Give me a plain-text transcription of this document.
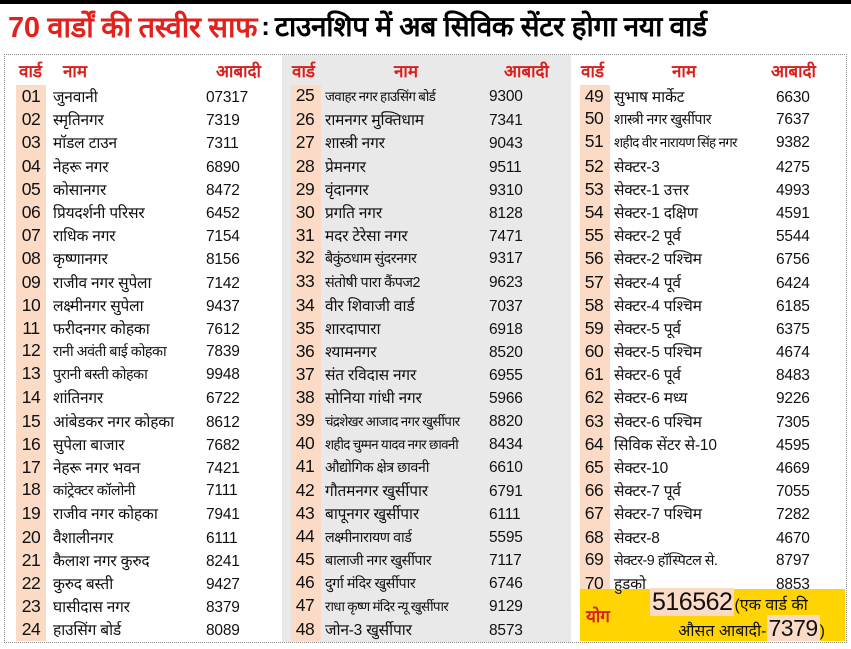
70 वार्डों की तस्वीर साफ : टाउनशिप में अब सिविक सेंटर होगा नया वार्ड
वार्ड	नाम	आबादी
01 जुनवानी	07317
02 स्मृतिनगर	7319
03 मॉडल टाउन	7311
04 नेहरू नगर	6890
05 कोसानगर	8472
06 प्रियदर्शनी परिसर	6452
07 राधिक नगर	7154
08 कृष्णानगर	8156
09 राजीव नगर सुपेला	7142
10 लक्ष्मीनगर सुपेला	9437
11 फरीदनगर कोहका	7612
12 रानी अवंती बाई कोहका	7839
13 पुरानी बस्ती कोहका	9948
14 शांतिनगर	6722
15 आंबेडकर नगर कोहका	8612
16 सुपेला बाजार	7682
17 नेहरू नगर भवन	7421
18 कांट्रेक्टर कॉलोनी	7111
19 राजीव नगर कोहका	7941
20 वैशालीनगर	6111
21 कैलाश नगर कुरुद	8241
22 कुरुद बस्ती	9427
23 घासीदास नगर	8379
24 हाउसिंग बोर्ड	8089
वार्ड	नाम	आबादी
25 जवाहर नगर हाउसिंग बोर्ड	9300
26 रामनगर मुक्तिधाम	7341
27 शास्त्री नगर	9043
28 प्रेमनगर	9511
29 वृंदानगर	9310
30 प्रगति नगर	8128
31 मदर टेरेसा नगर	7471
32 बैकुंठधाम सुंदरनगर	9317
33 संतोषी पारा कैंपज2	9623
34 वीर शिवाजी वार्ड	7037
35 शारदापारा	6918
36 श्यामनगर	8520
37 संत रविदास नगर	6955
38 सोनिया गांधी नगर	5966
39 चंद्रशेखर आजाद नगर खुर्सीपार	8820
40 शहीद चुम्मन यादव नगर छावनी	8434
41 औद्योगिक क्षेत्र छावनी	6610
42 गौतमनगर खुर्सीपार	6791
43 बापूनगर खुर्सीपार	6111
44 लक्ष्मीनारायण वार्ड	5595
45 बालाजी नगर खुर्सीपार	7117
46 दुर्गा मंदिर खुर्सीपार	6746
47 राधा कृष्ण मंदिर न्यू खुर्सीपार	9129
48 जोन-3 खुर्सीपार	8573
वार्ड	नाम	आबादी
49 सुभाष मार्केट	6630
50 शास्त्री नगर खुर्सीपार	7637
51 शहीद वीर नारायण सिंह नगर	9382
52 सेक्टर-3	4275
53 सेक्टर-1 उत्तर	4993
54 सेक्टर-1 दक्षिण	4591
55 सेक्टर-2 पूर्व	5544
56 सेक्टर-2 पश्चिम	6756
57 सेक्टर-4 पूर्व	6424
58 सेक्टर-4 पश्चिम	6185
59 सेक्टर-5 पूर्व	6375
60 सेक्टर-5 पश्चिम	4674
61 सेक्टर-6 पूर्व	8483
62 सेक्टर-6 मध्य	9226
63 सेक्टर-6 पश्चिम	7305
64 सिविक सेंटर से-10	4595
65 सेक्टर-10	4669
66 सेक्टर-7 पूर्व	7055
67 सेक्टर-7 पश्चिम	7282
68 सेक्टर-8	4670
69 सेक्टर-9 हॉस्पिटल से.	8797
70 हुडको	8853
योग
516562 (एक वार्ड की
औसत आबादी-7379 )
